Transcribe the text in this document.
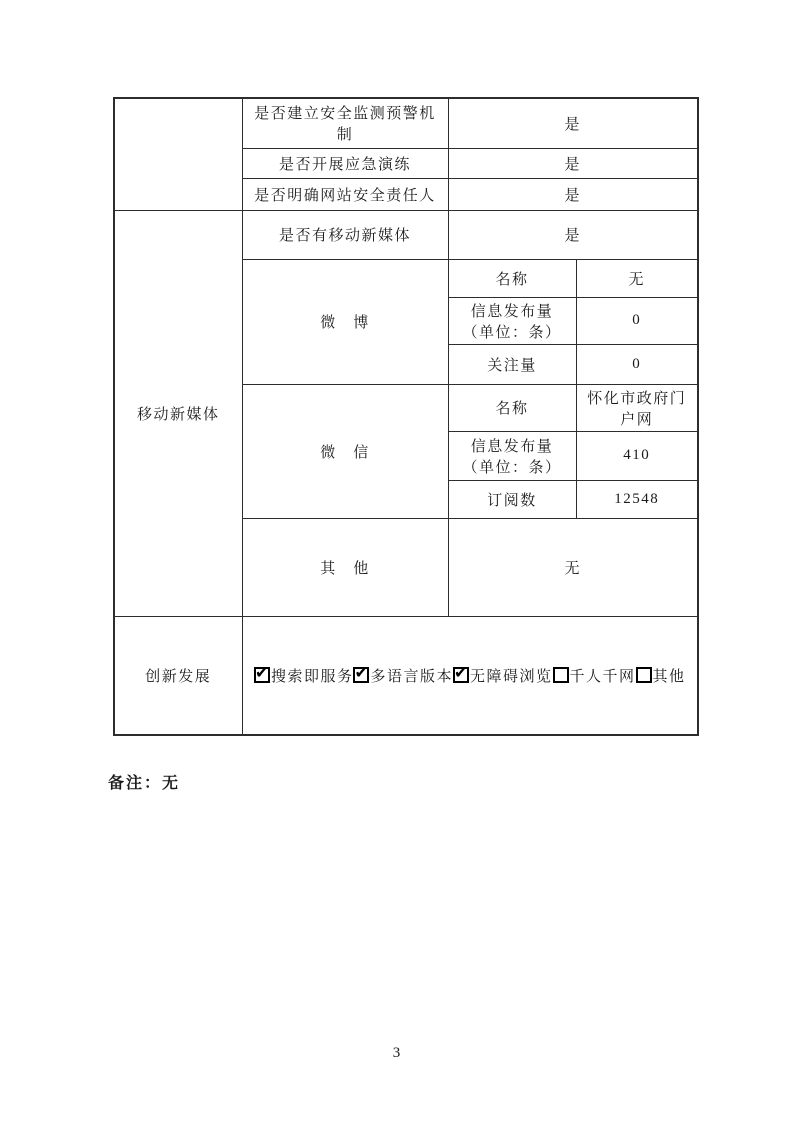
	是否建立安全监测预警机制	是	
	是否开展应急演练	是	
	是否明确网站安全责任人	是	
移动新媒体	是否有移动新媒体	是	
	微　博	名称	无

		信息发布量
（单位：条）	0
		关注量	0
	微　信	名称	怀化市政府门户网

		信息发布量
（单位：条）	410
		订阅数	12548
	其　他	无	
创新发展	✔搜索即服务 ✔ 多语言版本 ✔ 无障碍浏览 千人千网 其他
备注：无
3
